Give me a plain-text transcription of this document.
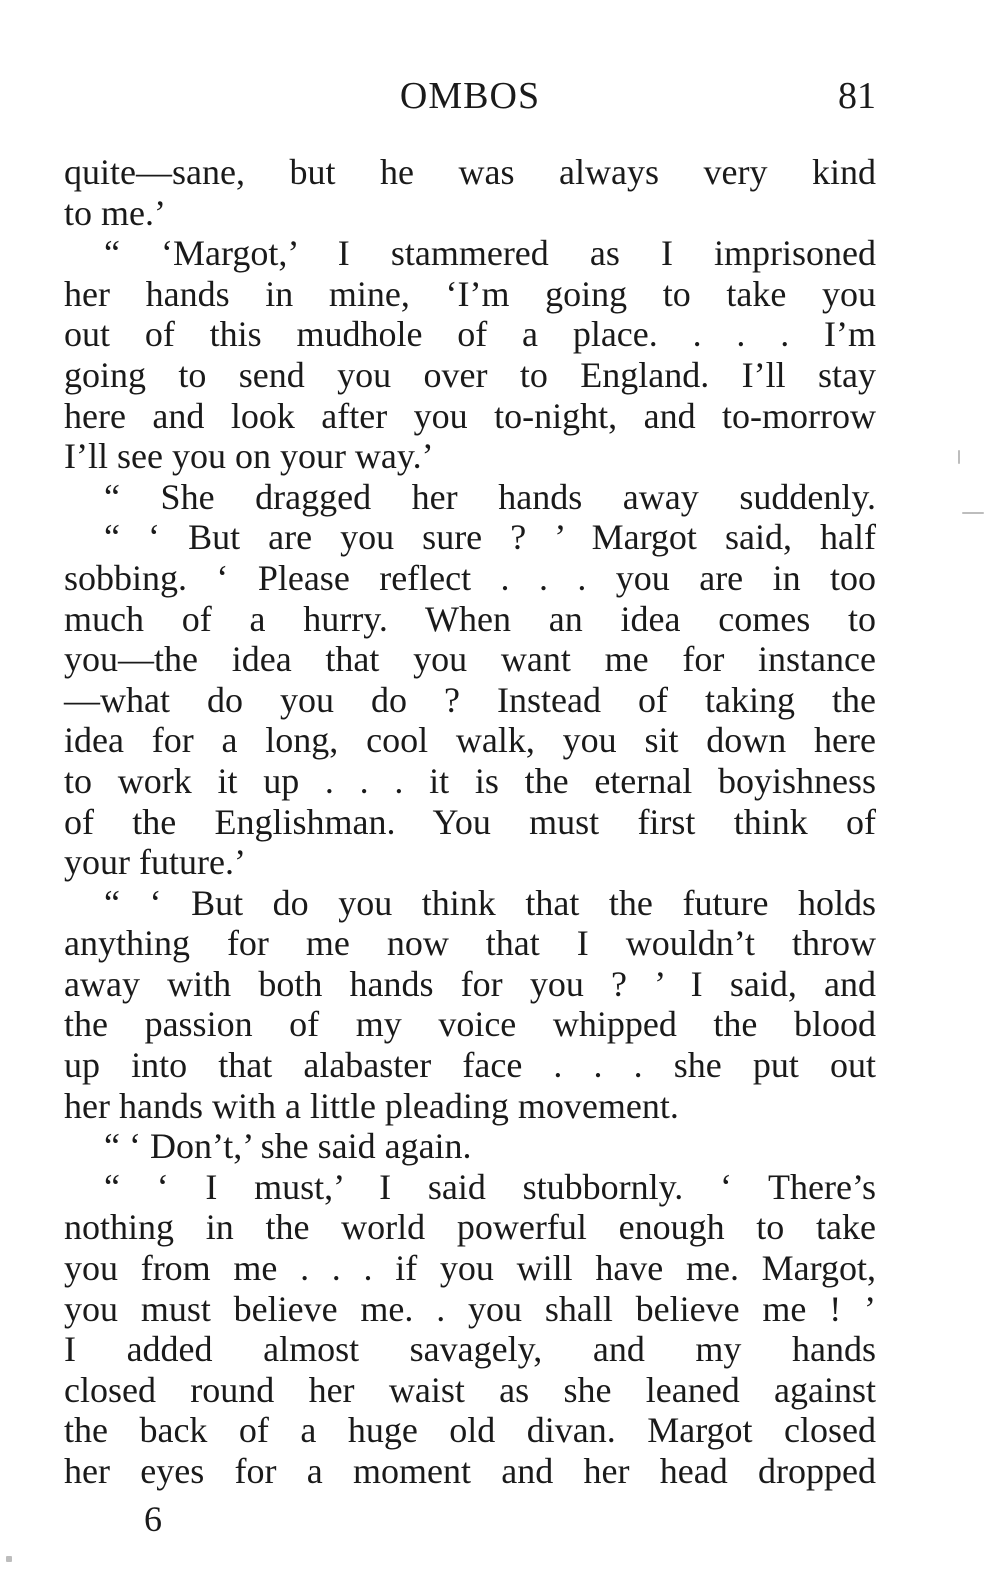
OMBOS	81
quite—sane, but he was always very kind
to me.’
“ ‘Margot,’ I stammered as I imprisoned
her hands in mine, ‘I’m going to take you
out of this mudhole of a place. . . . I’m
going to send you over to England. I’ll stay
here and look after you to-night, and to-morrow
I’ll see you on your way.’
“ She dragged her hands away suddenly.
“ ‘ But are you sure ? ’ Margot said, half
sobbing. ‘ Please reflect . . . you are in too
much of a hurry. When an idea comes to
you—the idea that you want me for instance
—what do you do ? Instead of taking the
idea for a long, cool walk, you sit down here
to work it up . . . it is the eternal boyishness
of the Englishman. You must first think of
your future.’
“ ‘ But do you think that the future holds
anything for me now that I wouldn’t throw
away with both hands for you ? ’ I said, and
the passion of my voice whipped the blood
up into that alabaster face . . . she put out
her hands with a little pleading movement.
“ ‘ Don’t,’ she said again.
“ ‘ I must,’ I said stubbornly. ‘ There’s
nothing in the world powerful enough to take
you from me . . . if you will have me. Margot,
you must believe me. . you shall believe me ! ’
I added almost savagely, and my hands
closed round her waist as she leaned against
the back of a huge old divan. Margot closed
her eyes for a moment and her head dropped
6
